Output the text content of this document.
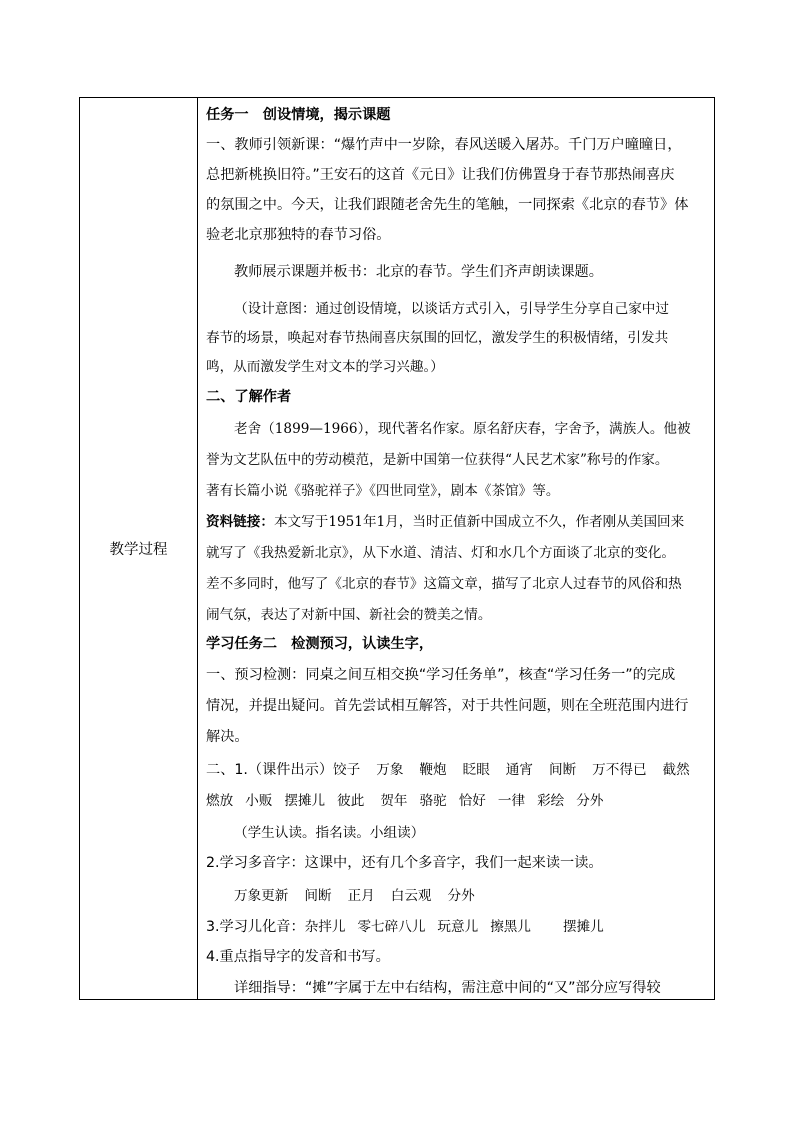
教学过程
任务一　创设情境，揭示课题
一、教师引领新课：“爆竹声中一岁除，春风送暖入屠苏。千门万户曈曈日，
总把新桃换旧符。”王安石的这首《元日》让我们仿佛置身于春节那热闹喜庆
的氛围之中。今天，让我们跟随老舍先生的笔触，一同探索《北京的春节》体
验老北京那独特的春节习俗。
教师展示课题并板书：北京的春节。学生们齐声朗读课题。
（设计意图：通过创设情境，以谈话方式引入，引导学生分享自己家中过
春节的场景，唤起对春节热闹喜庆氛围的回忆，激发学生的积极情绪，引发共
鸣，从而激发学生对文本的学习兴趣。）
二、了解作者
老舍（1899—1966），现代著名作家。原名舒庆春，字舍予，满族人。他被
誉为文艺队伍中的劳动模范，是新中国第一位获得“人民艺术家”称号的作家。
著有长篇小说《骆驼祥子》《四世同堂》，剧本《茶馆》等。
资料链接：本文写于1951年1月，当时正值新中国成立不久，作者刚从美国回来
就写了《我热爱新北京》，从下水道、清洁、灯和水几个方面谈了北京的变化。
差不多同时，他写了《北京的春节》这篇文章，描写了北京人过春节的风俗和热
闹气氛，表达了对新中国、新社会的赞美之情。
学习任务二　检测预习，认读生字，
一、预习检测：同桌之间互相交换“学习任务单”，核查“学习任务一”的完成
情况，并提出疑问。首先尝试相互解答，对于共性问题，则在全班范围内进行
解决。
二、1.（课件出示）饺子 万象 鞭炮 眨眼 通宵 间断 万不得已 截然
燃放 小贩 摆摊儿 彼此 贺年 骆驼 恰好 一律 彩绘 分外
（学生认读。指名读。小组读）
2.学习多音字：这课中，还有几个多音字，我们一起来读一读。
万象更新 间断 正月 白云观 分外
3.学习儿化音：杂拌儿 零七碎八儿 玩意儿 擦黑儿 摆摊儿
4.重点指导字的发音和书写。
详细指导：“摊”字属于左中右结构，需注意中间的“又”部分应写得较
